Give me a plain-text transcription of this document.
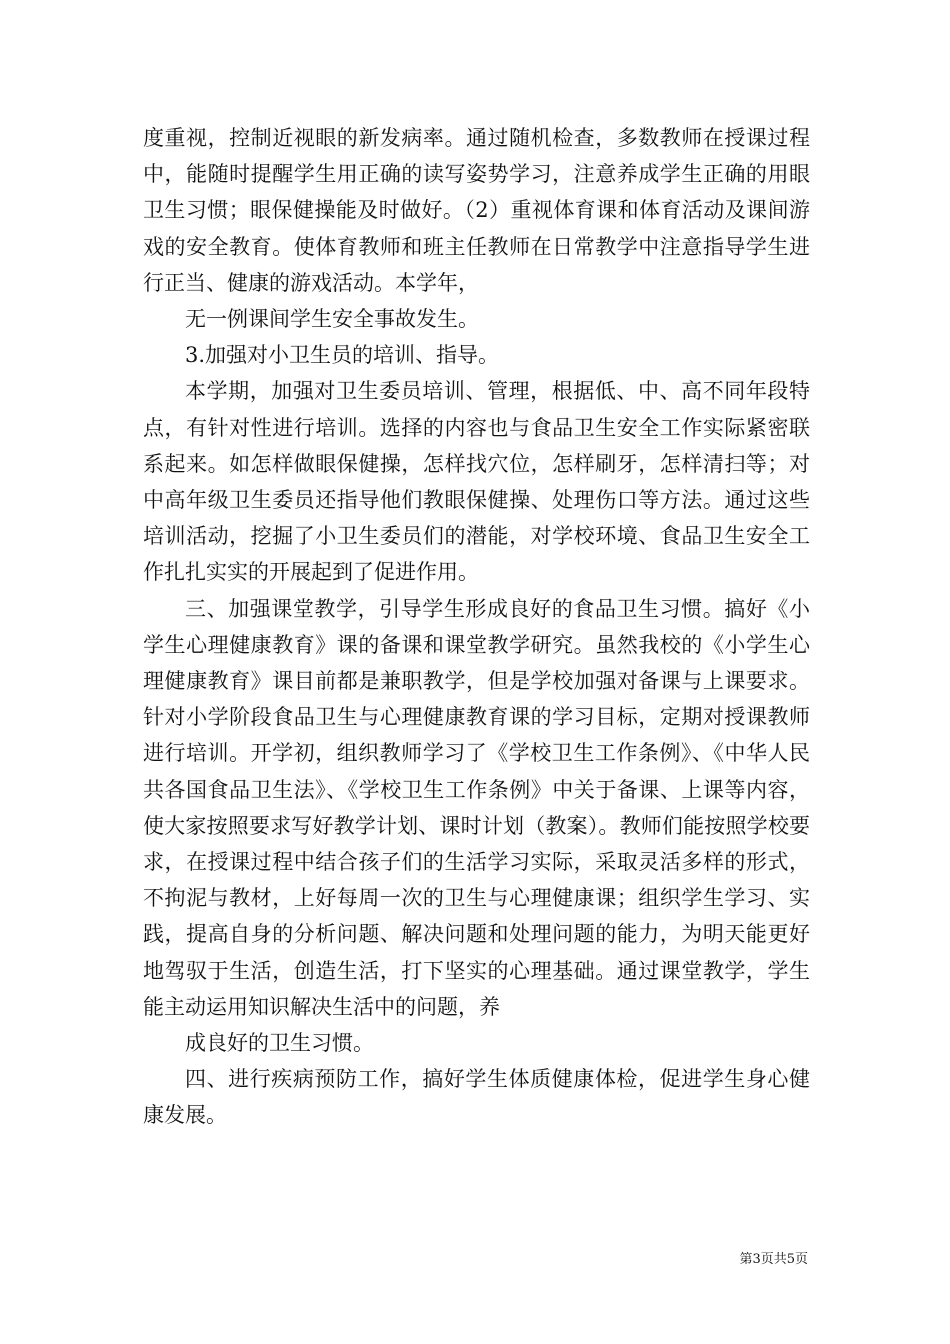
度重视，控制近视眼的新发病率。通过随机检查，多数教师在授课过程中，能随时提醒学生用正确的读写姿势学习，注意养成学生正确的用眼卫生习惯；眼保健操能及时做好。（2）重视体育课和体育活动及课间游戏的安全教育。使体育教师和班主任教师在日常教学中注意指导学生进行正当、健康的游戏活动。本学年，

无一例课间学生安全事故发生。

3.加强对小卫生员的培训、指导。

本学期，加强对卫生委员培训、管理，根据低、中、高不同年段特点，有针对性进行培训。选择的内容也与食品卫生安全工作实际紧密联系起来。如怎样做眼保健操，怎样找穴位，怎样刷牙，怎样清扫等；对中高年级卫生委员还指导他们教眼保健操、处理伤口等方法。通过这些培训活动，挖掘了小卫生委员们的潜能，对学校环境、食品卫生安全工作扎扎实实的开展起到了促进作用。

三、加强课堂教学，引导学生形成良好的食品卫生习惯。搞好《小学生心理健康教育》课的备课和课堂教学研究。虽然我校的《小学生心理健康教育》课目前都是兼职教学，但是学校加强对备课与上课要求。针对小学阶段食品卫生与心理健康教育课的学习目标，定期对授课教师进行培训。开学初，组织教师学习了《学校卫生工作条例》、《中华人民共各国食品卫生法》、《学校卫生工作条例》中关于备课、上课等内容，使大家按照要求写好教学计划、课时计划（教案）。教师们能按照学校要求，在授课过程中结合孩子们的生活学习实际，采取灵活多样的形式，不拘泥与教材，上好每周一次的卫生与心理健康课；组织学生学习、实践，提高自身的分析问题、解决问题和处理问题的能力，为明天能更好地驾驭于生活，创造生活，打下坚实的心理基础。通过课堂教学，学生能主动运用知识解决生活中的问题，养

成良好的卫生习惯。

四、进行疾病预防工作，搞好学生体质健康体检，促进学生身心健康发展。

第3页共5页
